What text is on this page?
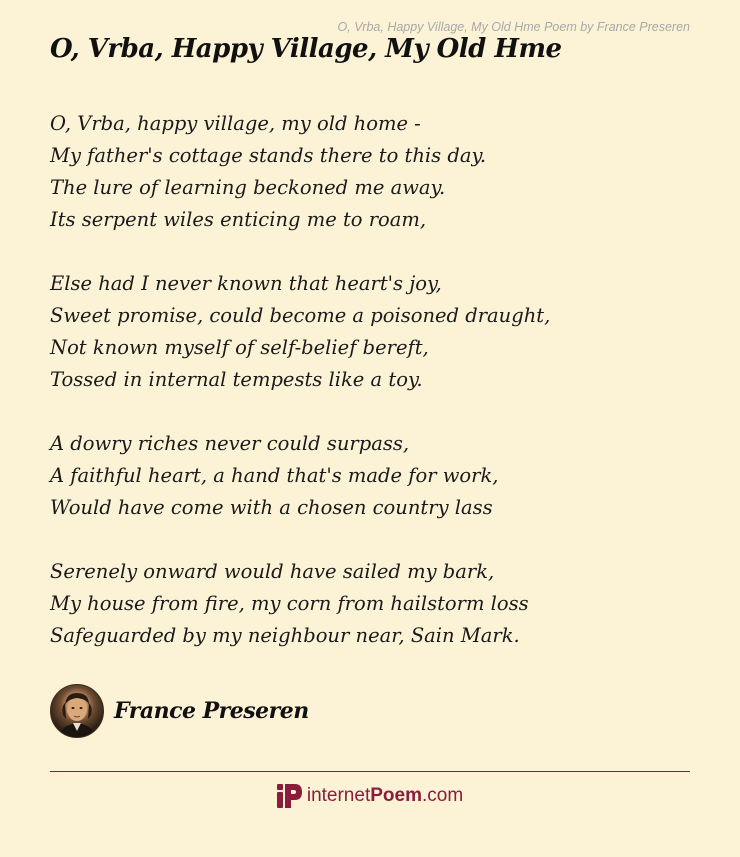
O, Vrba, Happy Village, My Old Hme Poem by France Preseren
O, Vrba, Happy Village, My Old Hme
O, Vrba, happy village, my old home -
My father's cottage stands there to this day.
The lure of learning beckoned me away.
Its serpent wiles enticing me to roam,
Else had I never known that heart's joy,
Sweet promise, could become a poisoned draught,
Not known myself of self-belief bereft,
Tossed in internal tempests like a toy.
A dowry riches never could surpass,
A faithful heart, a hand that's made for work,
Would have come with a chosen country lass
Serenely onward would have sailed my bark,
My house from fire, my corn from hailstorm loss
Safeguarded by my neighbour near, Sain Mark.
France Preseren
internet Poem .com
